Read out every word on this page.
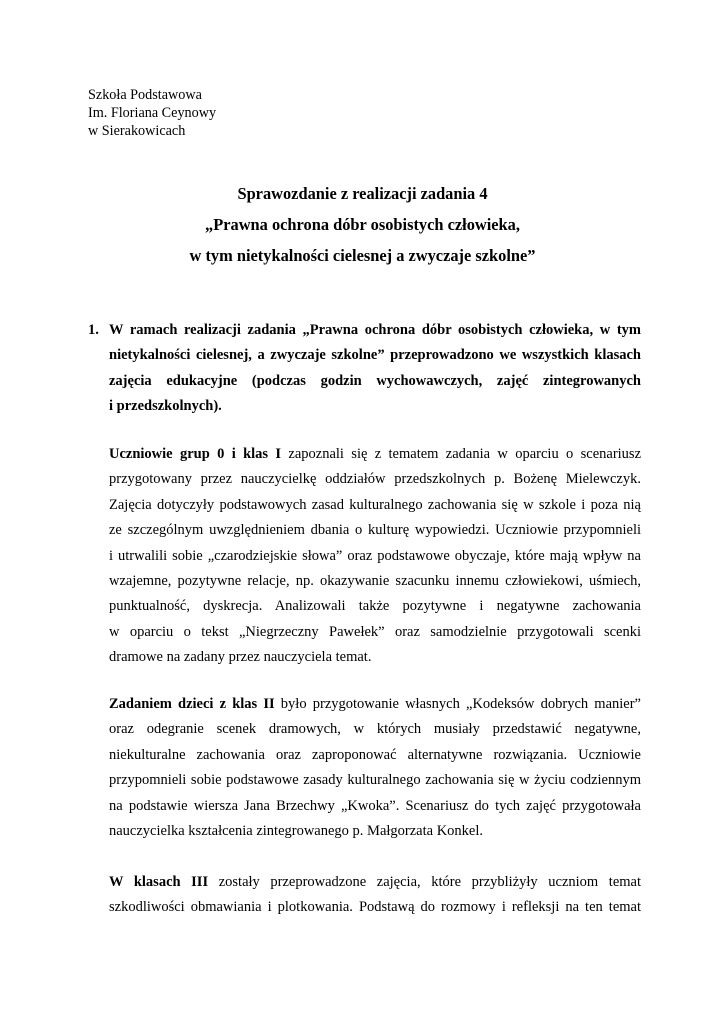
Szkoła Podstawowa
Im. Floriana Ceynowy
w Sierakowicach
Sprawozdanie z realizacji zadania 4
„Prawna ochrona dóbr osobistych człowieka,
w tym nietykalności cielesnej a zwyczaje szkolne”
1. W ramach realizacji zadania „Prawna ochrona dóbr osobistych człowieka, w tym
nietykalności cielesnej, a zwyczaje szkolne” przeprowadzono we wszystkich klasach
zajęcia edukacyjne (podczas godzin wychowawczych, zajęć zintegrowanych
i przedszkolnych).
Uczniowie grup 0 i klas I zapoznali się z tematem zadania w oparciu o scenariusz
przygotowany przez nauczycielkę oddziałów przedszkolnych p. Bożenę Mielewczyk.
Zajęcia dotyczyły podstawowych zasad kulturalnego zachowania się w szkole i poza nią
ze szczególnym uwzględnieniem dbania o kulturę wypowiedzi. Uczniowie przypomnieli
i utrwalili sobie „czarodziejskie słowa” oraz podstawowe obyczaje, które mają wpływ na
wzajemne, pozytywne relacje, np. okazywanie szacunku innemu człowiekowi, uśmiech,
punktualność, dyskrecja. Analizowali także pozytywne i negatywne zachowania
w oparciu o tekst „Niegrzeczny Pawełek” oraz samodzielnie przygotowali scenki
dramowe na zadany przez nauczyciela temat.
Zadaniem dzieci z klas II było przygotowanie własnych „Kodeksów dobrych manier”
oraz odegranie scenek dramowych, w których musiały przedstawić negatywne,
niekulturalne zachowania oraz zaproponować alternatywne rozwiązania. Uczniowie
przypomnieli sobie podstawowe zasady kulturalnego zachowania się w życiu codziennym
na podstawie wiersza Jana Brzechwy „Kwoka”. Scenariusz do tych zajęć przygotowała
nauczycielka kształcenia zintegrowanego p. Małgorzata Konkel.
W klasach III zostały przeprowadzone zajęcia, które przybliżyły uczniom temat
szkodliwości obmawiania i plotkowania. Podstawą do rozmowy i refleksji na ten temat
